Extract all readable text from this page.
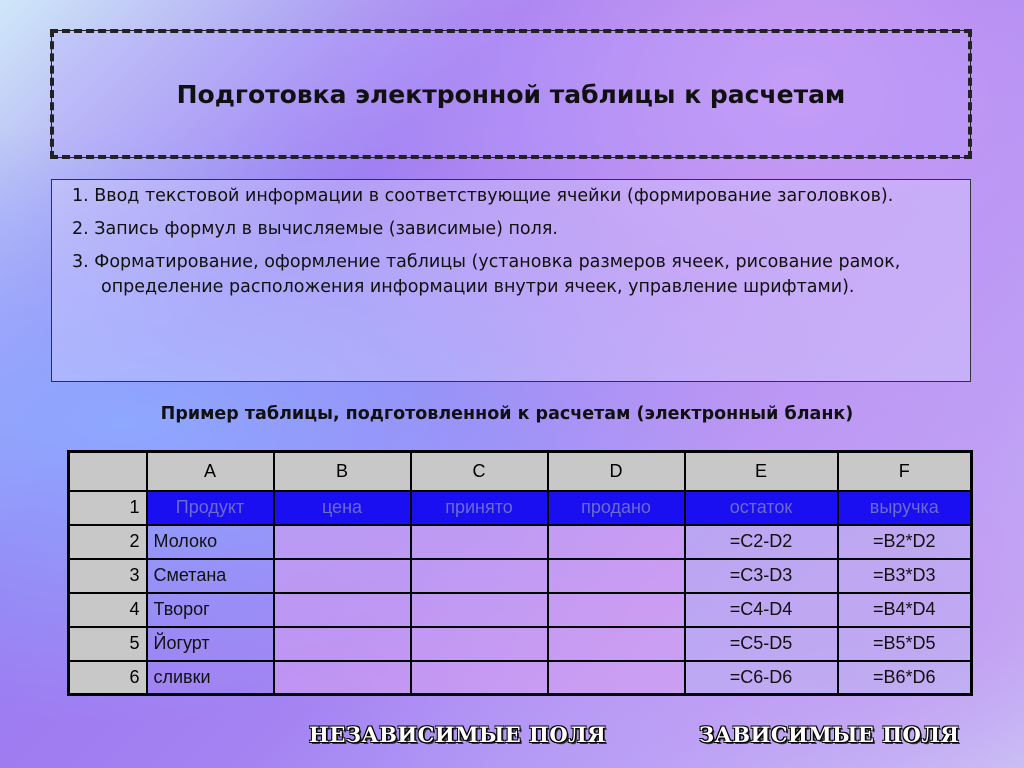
Подготовка электронной таблицы к расчетам

1. Ввод текстовой информации в соответствующие ячейки (формирование заголовков).

2. Запись формул в вычисляемые (зависимые) поля.

3. Форматирование, оформление таблицы (установка размеров ячеек, рисование рамок, определение расположения информации внутри ячеек, управление шрифтами).

Пример таблицы, подготовленной к расчетам (электронный бланк)
	A	B	C	D	E	F
1	Продукт	цена	принято	продано	остаток	выручка
2	Молоко				=C2-D2	=B2*D2
3	Сметана				=C3-D3	=B3*D3
4	Творог				=C4-D4	=B4*D4
5	Йогурт				=C5-D5	=B5*D5
6	сливки				=C6-D6	=B6*D6
НЕЗАВИСИМЫЕ ПОЛЯ	ЗАВИСИМЫЕ ПОЛЯ
